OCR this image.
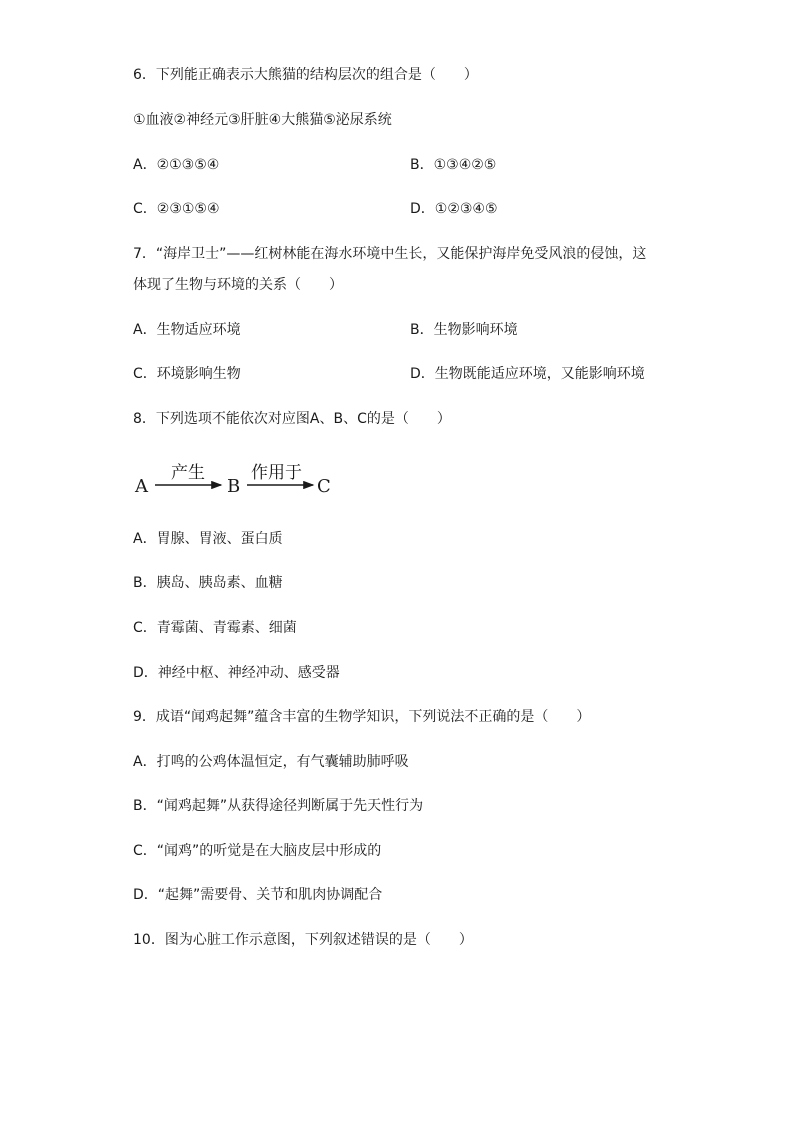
6．下列能正确表示大熊猫的结构层次的组合是（　　）
①血液②神经元③肝脏④大熊猫⑤泌尿系统
A．②①③⑤④	B．①③④②⑤
C．②③①⑤④	D．①②③④⑤
7．“海岸卫士”——红树林能在海水环境中生长，又能保护海岸免受风浪的侵蚀，这
体现了生物与环境的关系（　　）
A．生物适应环境	B．生物影响环境
C．环境影响生物	D．生物既能适应环境，又能影响环境
8．下列选项不能依次对应图A、B、C的是（　　）
A
产生
B
作用于
C
A．胃腺、胃液、蛋白质
B．胰岛、胰岛素、血糖
C．青霉菌、青霉素、细菌
D．神经中枢、神经冲动、感受器
9．成语“闻鸡起舞”蕴含丰富的生物学知识，下列说法不正确的是（　　）
A．打鸣的公鸡体温恒定，有气囊辅助肺呼吸
B．“闻鸡起舞”从获得途径判断属于先天性行为
C．“闻鸡”的听觉是在大脑皮层中形成的
D．“起舞”需要骨、关节和肌肉协调配合
10．图为心脏工作示意图，下列叙述错误的是（　　）
